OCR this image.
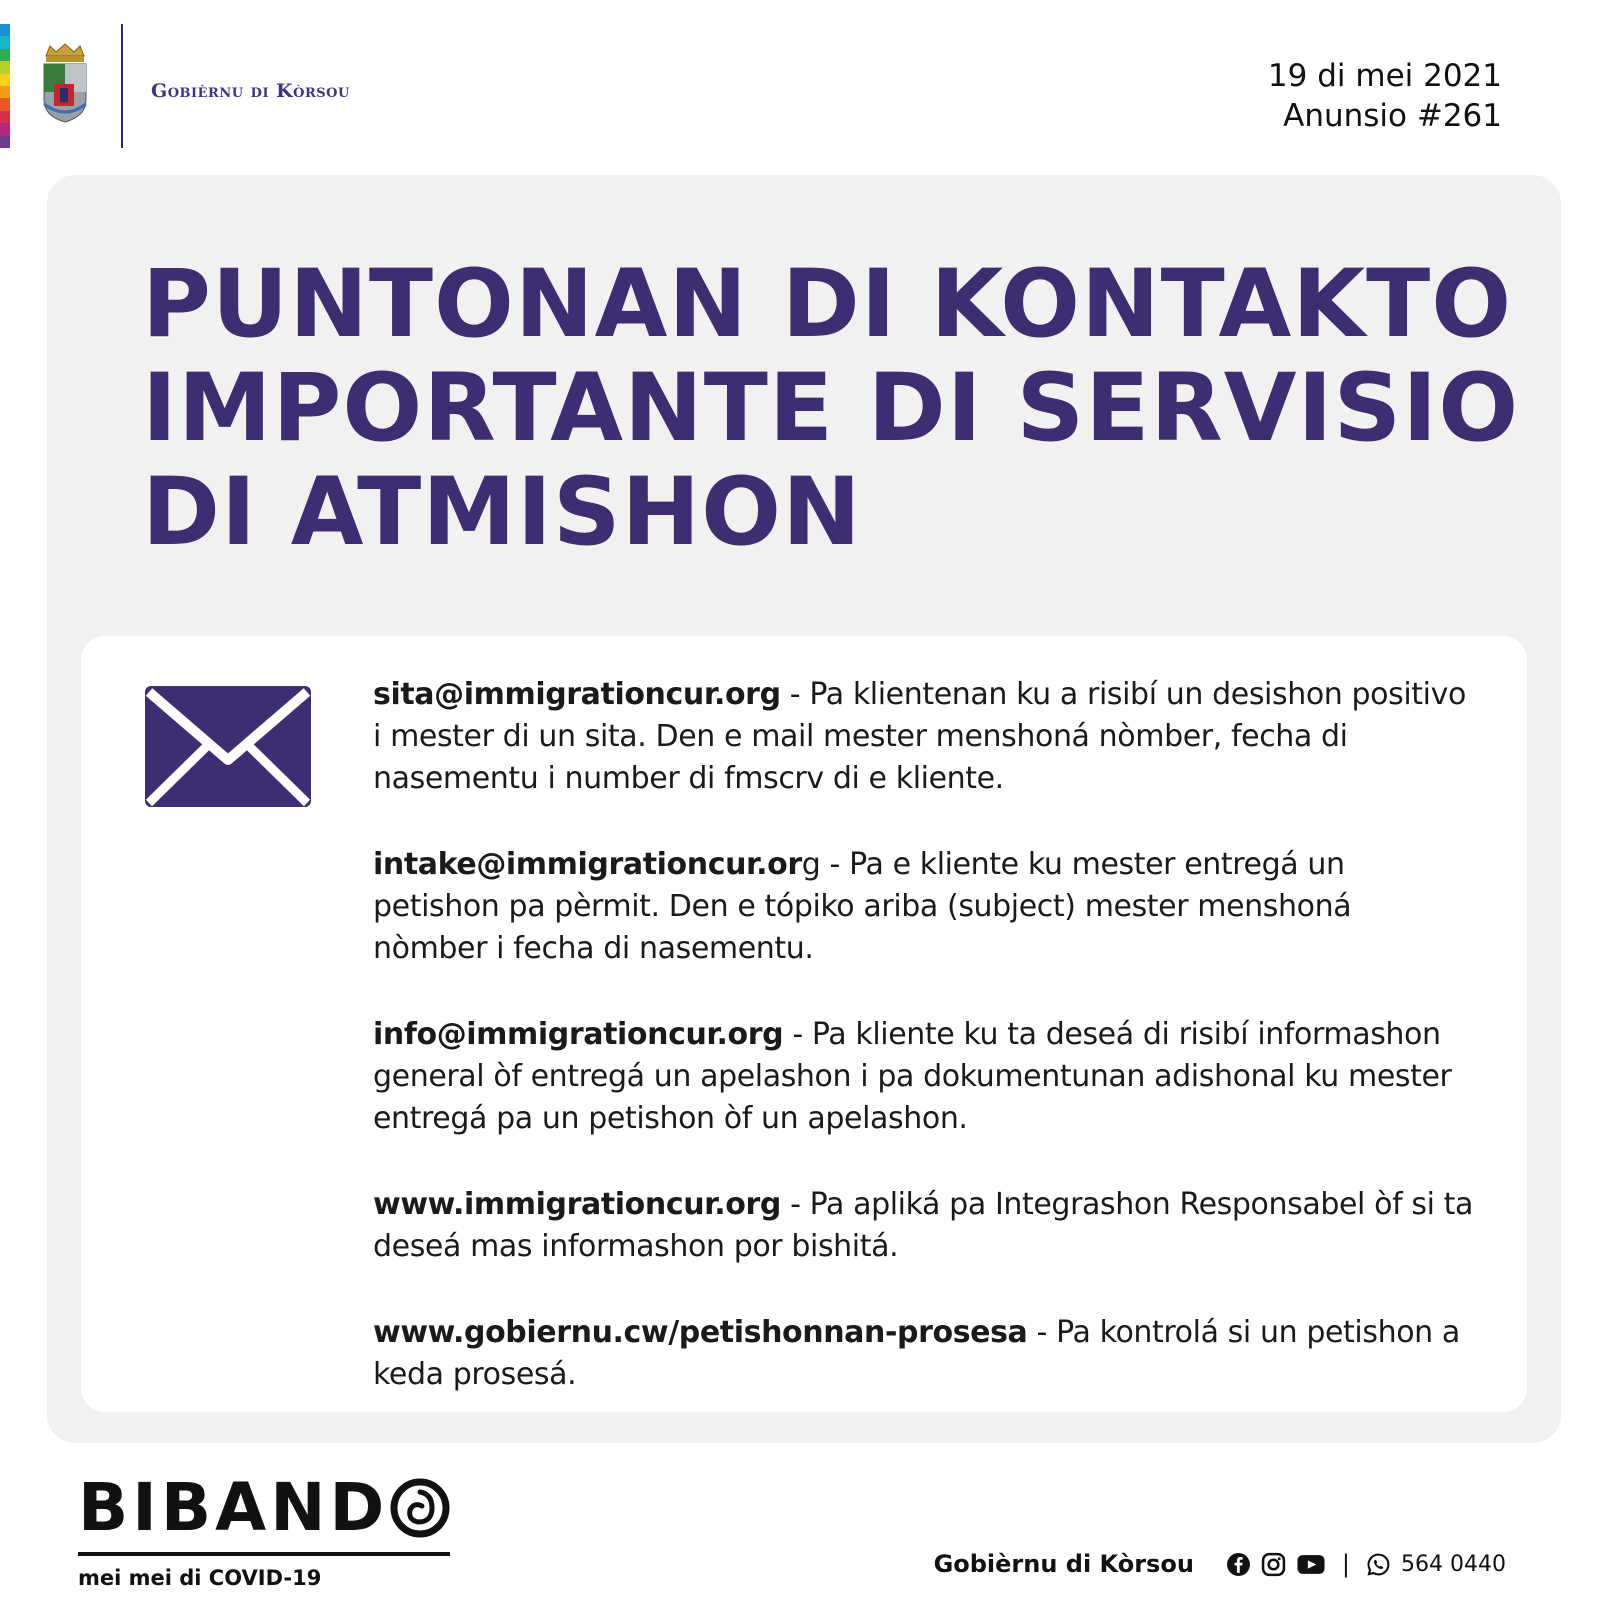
Gobièrnu di Kòrsou	19 di mei 2021
Anunsio #261
PUNTONAN DI KONTAKTO
IMPORTANTE DI SERVISIO
DI ATMISHON
sita@immigrationcur.org - Pa klientenan ku a risibí un desishon positivo i mester di un sita. Den e mail mester menshoná nòmber, fecha di nasementu i number di fmscrv di e kliente.
intake@immigrationcur.org - Pa e kliente ku mester entregá un petishon pa pèrmit. Den e tópiko ariba (subject) mester menshoná nòmber i fecha di nasementu.
info@immigrationcur.org - Pa kliente ku ta deseá di risibí informashon general òf entregá un apelashon i pa dokumentunan adishonal ku mester entregá pa un petishon òf un apelashon.
www.immigrationcur.org - Pa apliká pa Integrashon Responsabel òf si ta deseá mas informashon por bishitá.
www.gobiernu.cw/petishonnan-prosesa - Pa kontrolá si un petishon a keda prosesá.
BIBAND
mei mei di COVID-19	Gobièrnu di Kòrsou	| 564 0440
